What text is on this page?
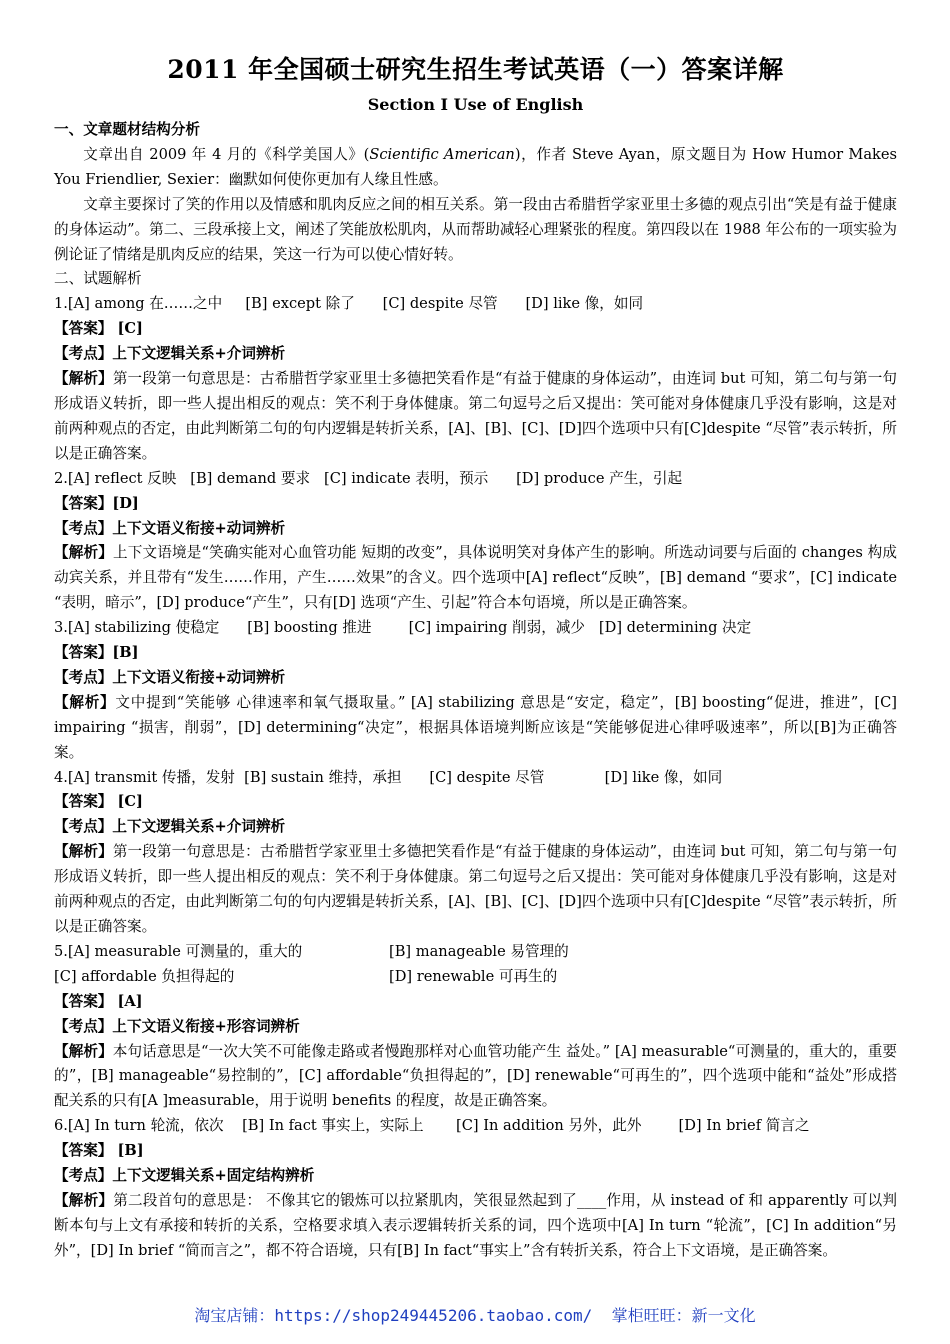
2011 年全国硕士研究生招生考试英语（一）答案详解
Section I Use of English

一、文章题材结构分析

文章出自 2009 年 4 月的《科学美国人》(Scientific American)，作者 Steve Ayan，原文题目为 How Humor Makes You Friendlier, Sexier：幽默如何使你更加有人缘且性感。

文章主要探讨了笑的作用以及情感和肌肉反应之间的相互关系。第一段由古希腊哲学家亚里士多德的观点引出“笑是有益于健康的身体运动”。第二、三段承接上文，阐述了笑能放松肌肉，从而帮助减轻心理紧张的程度。第四段以在 1988 年公布的一项实验为例论证了情绪是肌肉反应的结果，笑这一行为可以使心情好转。

二、试题解析

1.[A] among 在……之中     [B] except 除了      [C] despite 尽管      [D] like 像，如同

【答案】 [C]

【考点】上下文逻辑关系+介词辨析

【解析】第一段第一句意思是：古希腊哲学家亚里士多德把笑看作是“有益于健康的身体运动”，由连词 but 可知，第二句与第一句形成语义转折，即一些人提出相反的观点：笑不利于身体健康。第二句逗号之后又提出：笑可能对身体健康几乎没有影响，这是对前两种观点的否定，由此判断第二句的句内逻辑是转折关系，[A]、[B]、[C]、[D]四个选项中只有[C]despite “尽管”表示转折，所以是正确答案。

2.[A] reflect 反映   [B] demand 要求   [C] indicate 表明，预示      [D] produce 产生，引起

【答案】[D]

【考点】上下文语义衔接+动词辨析

【解析】上下文语境是“笑确实能对心血管功能 短期的改变”，具体说明笑对身体产生的影响。所选动词要与后面的 changes 构成动宾关系，并且带有“发生……作用，产生……效果”的含义。四个选项中[A] reflect“反映”，[B] demand “要求”，[C] indicate “表明，暗示”，[D] produce“产生”，只有[D] 选项“产生、引起”符合本句语境，所以是正确答案。

3.[A] stabilizing 使稳定      [B] boosting 推进        [C] impairing 削弱，减少   [D] determining 决定

【答案】[B]

【考点】上下文语义衔接+动词辨析

【解析】文中提到“笑能够 心律速率和氧气摄取量。” [A] stabilizing 意思是“安定，稳定”，[B] boosting“促进，推进”，[C] impairing “损害，削弱”，[D] determining“决定”，根据具体语境判断应该是“笑能够促进心律呼吸速率”，所以[B]为正确答案。

4.[A] transmit 传播，发射  [B] sustain 维持，承担      [C] despite 尽管             [D] like 像，如同

【答案】 [C]

【考点】上下文逻辑关系+介词辨析

【解析】第一段第一句意思是：古希腊哲学家亚里士多德把笑看作是“有益于健康的身体运动”，由连词 but 可知，第二句与第一句形成语义转折，即一些人提出相反的观点：笑不利于身体健康。第二句逗号之后又提出：笑可能对身体健康几乎没有影响，这是对前两种观点的否定，由此判断第二句的句内逻辑是转折关系，[A]、[B]、[C]、[D]四个选项中只有[C]despite “尽管”表示转折，所以是正确答案。

5.[A] measurable 可测量的，重大的	[B] manageable 易管理的

[C] affordable 负担得起的	[D] renewable 可再生的

【答案】 [A]

【考点】上下文语义衔接+形容词辨析

【解析】本句话意思是“一次大笑不可能像走路或者慢跑那样对心血管功能产生 益处。” [A] measurable“可测量的，重大的，重要的”，[B] manageable“易控制的”，[C] affordable“负担得起的”，[D] renewable“可再生的”，四个选项中能和“益处”形成搭配关系的只有[A ]measurable，用于说明 benefits 的程度，故是正确答案。

6.[A] In turn 轮流，依次    [B] In fact 事实上，实际上       [C] In addition 另外，此外        [D] In brief 简言之

【答案】 [B]

【考点】上下文逻辑关系+固定结构辨析

【解析】第二段首句的意思是： 不像其它的锻炼可以拉紧肌肉，笑很显然起到了____作用，从 instead of 和 apparently 可以判断本句与上文有承接和转折的关系，空格要求填入表示逻辑转折关系的词，四个选项中[A] In turn “轮流”，[C] In addition“另外”，[D] In brief “简而言之”，都不符合语境，只有[B] In fact“事实上”含有转折关系，符合上下文语境，是正确答案。

淘宝店铺：https://shop249445206.taobao.com/  掌柜旺旺：新一文化
